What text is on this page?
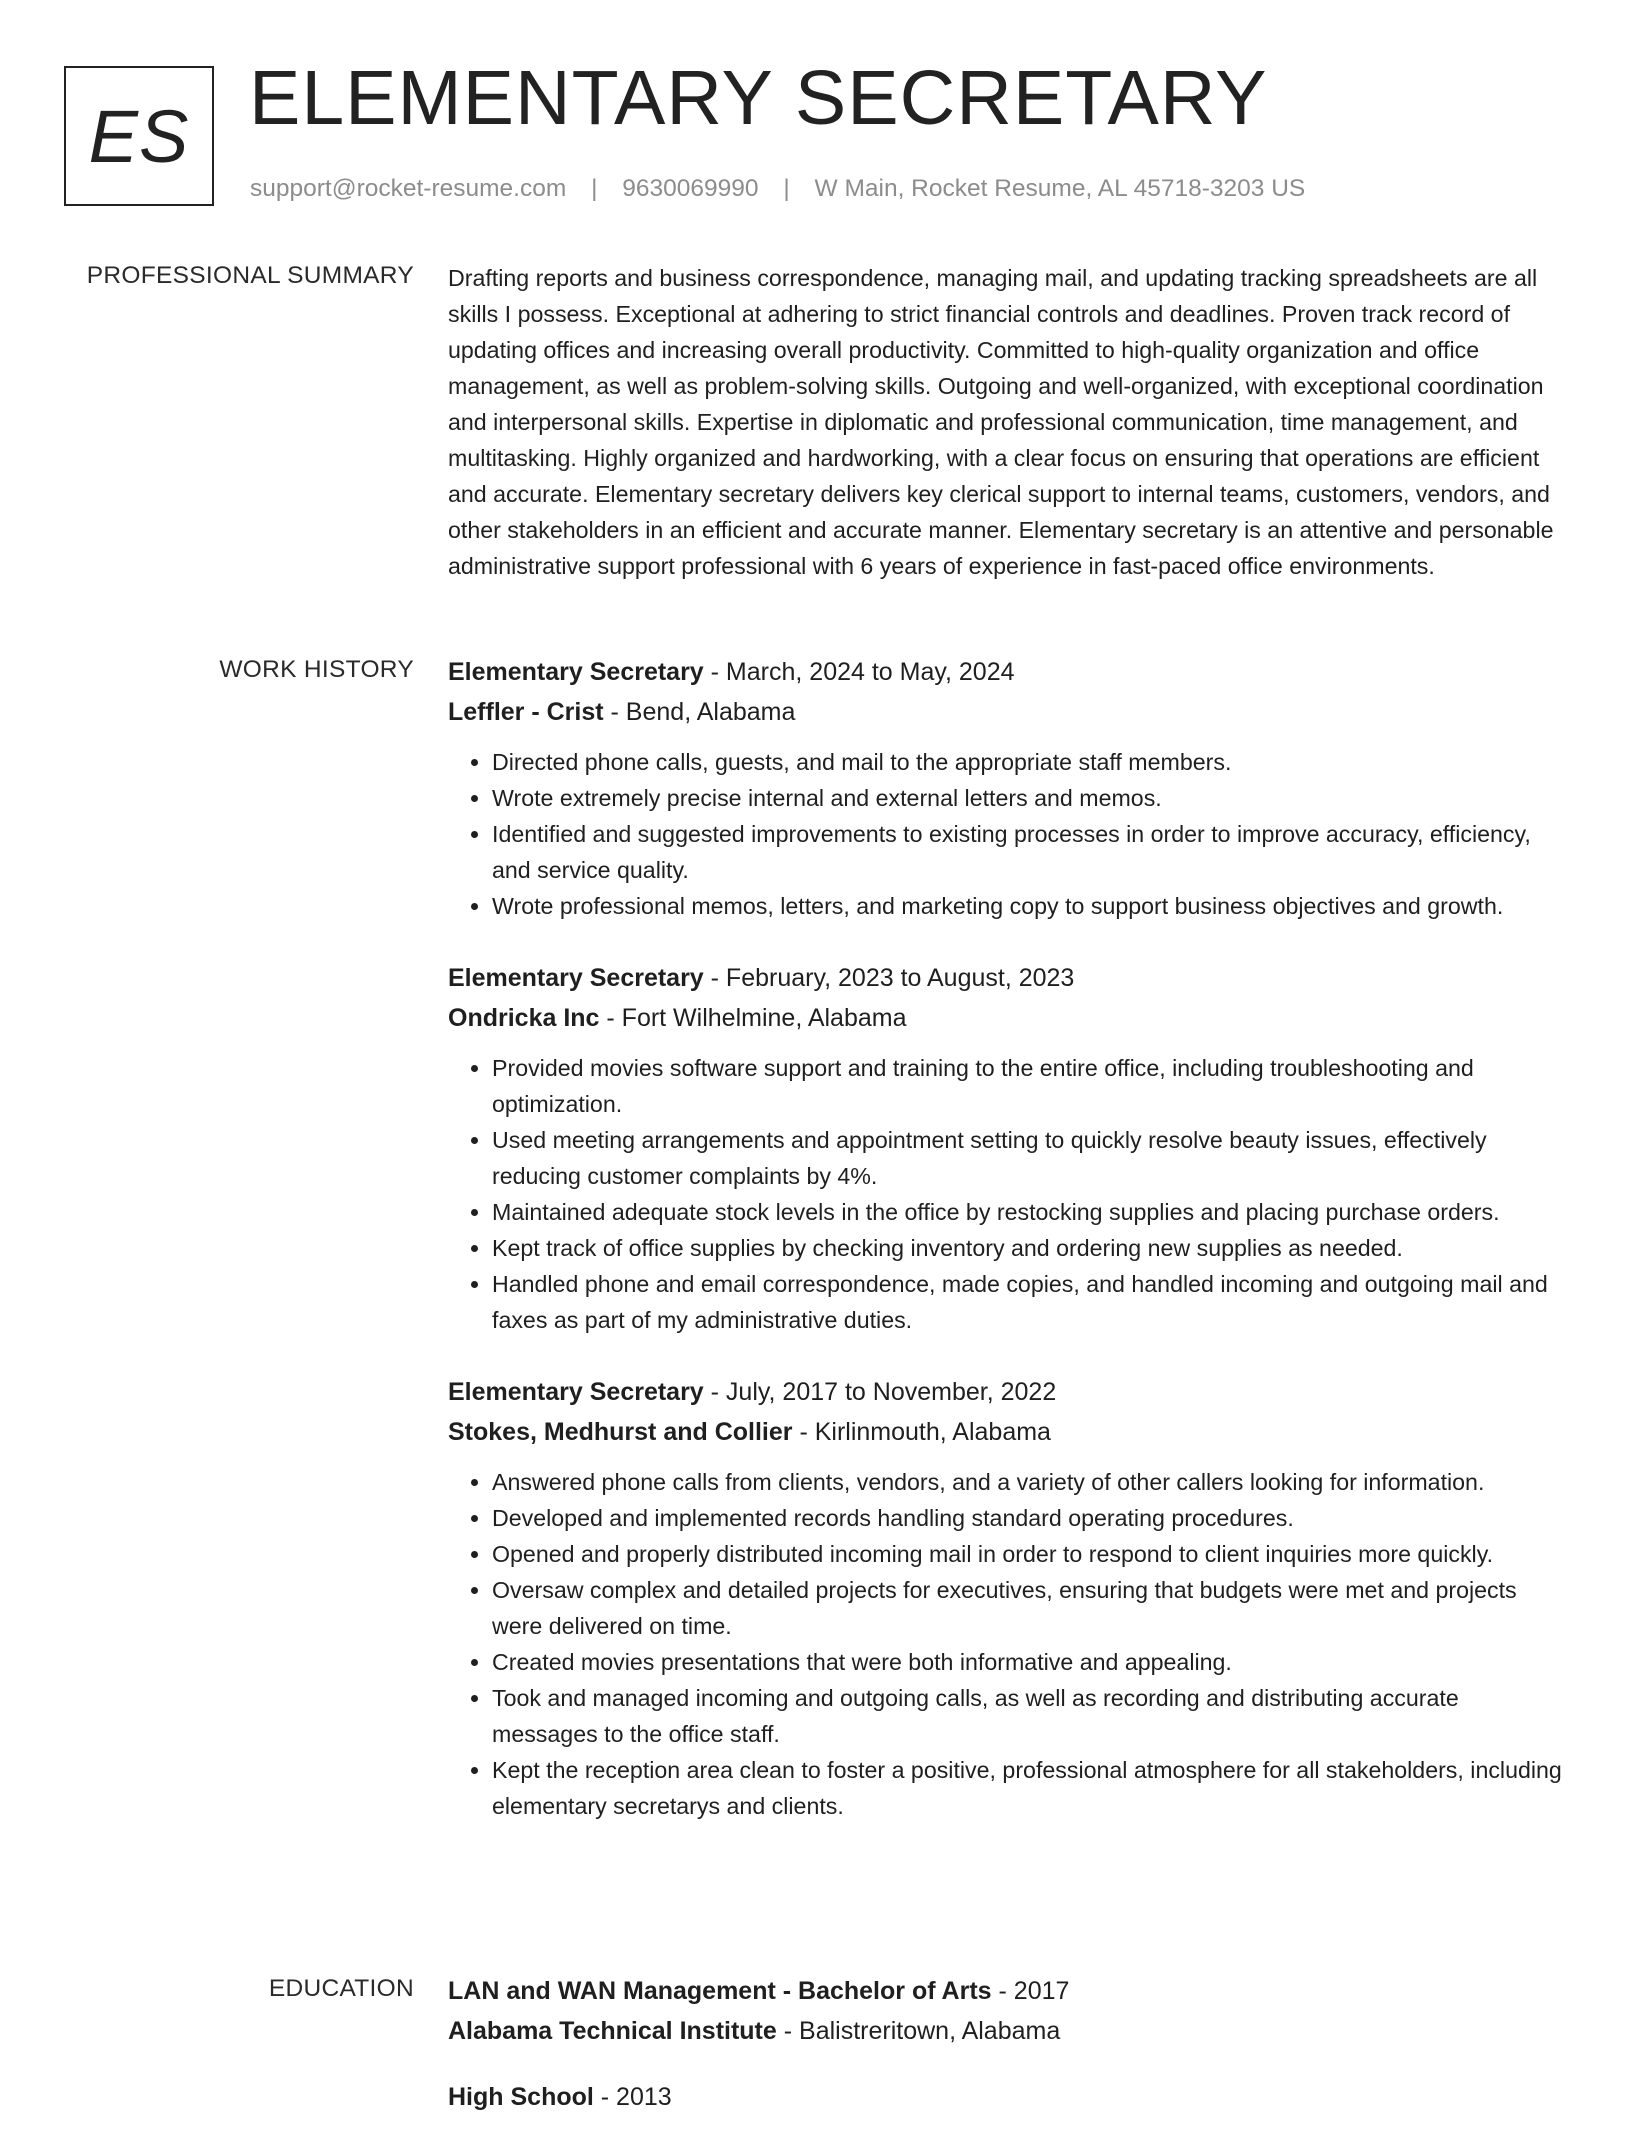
ES ELEMENTARY SECRETARY
support@rocket-resume.com | 9630069990 | W Main, Rocket Resume, AL 45718-3203 US
PROFESSIONAL SUMMARY Drafting reports and business correspondence, managing mail, and updating tracking spreadsheets are all skills I possess. Exceptional at adhering to strict financial controls and deadlines. Proven track record of updating offices and increasing overall productivity. Committed to high-quality organization and office management, as well as problem-solving skills. Outgoing and well-organized, with exceptional coordination and interpersonal skills. Expertise in diplomatic and professional communication, time management, and multitasking. Highly organized and hardworking, with a clear focus on ensuring that operations are efficient and accurate. Elementary secretary delivers key clerical support to internal teams, customers, vendors, and other stakeholders in an efficient and accurate manner. Elementary secretary is an attentive and personable administrative support professional with 6 years of experience in fast-paced office environments.

WORK HISTORY Elementary Secretary - March, 2024 to May, 2024
Leffler - Crist - Bend, Alabama
• Directed phone calls, guests, and mail to the appropriate staff members.
• Wrote extremely precise internal and external letters and memos.
• Identified and suggested improvements to existing processes in order to improve accuracy, efficiency, and service quality.
• Wrote professional memos, letters, and marketing copy to support business objectives and growth.
Elementary Secretary - February, 2023 to August, 2023
Ondricka Inc - Fort Wilhelmine, Alabama
• Provided movies software support and training to the entire office, including troubleshooting and optimization.
• Used meeting arrangements and appointment setting to quickly resolve beauty issues, effectively reducing customer complaints by 4%.
• Maintained adequate stock levels in the office by restocking supplies and placing purchase orders.
• Kept track of office supplies by checking inventory and ordering new supplies as needed.
• Handled phone and email correspondence, made copies, and handled incoming and outgoing mail and faxes as part of my administrative duties.
Elementary Secretary - July, 2017 to November, 2022
Stokes, Medhurst and Collier - Kirlinmouth, Alabama
• Answered phone calls from clients, vendors, and a variety of other callers looking for information.
• Developed and implemented records handling standard operating procedures.
• Opened and properly distributed incoming mail in order to respond to client inquiries more quickly.
• Oversaw complex and detailed projects for executives, ensuring that budgets were met and projects were delivered on time.
• Created movies presentations that were both informative and appealing.
• Took and managed incoming and outgoing calls, as well as recording and distributing accurate messages to the office staff.
• Kept the reception area clean to foster a positive, professional atmosphere for all stakeholders, including elementary secretarys and clients.
EDUCATION LAN and WAN Management - Bachelor of Arts - 2017
Alabama Technical Institute - Balistreritown, Alabama
High School - 2013
